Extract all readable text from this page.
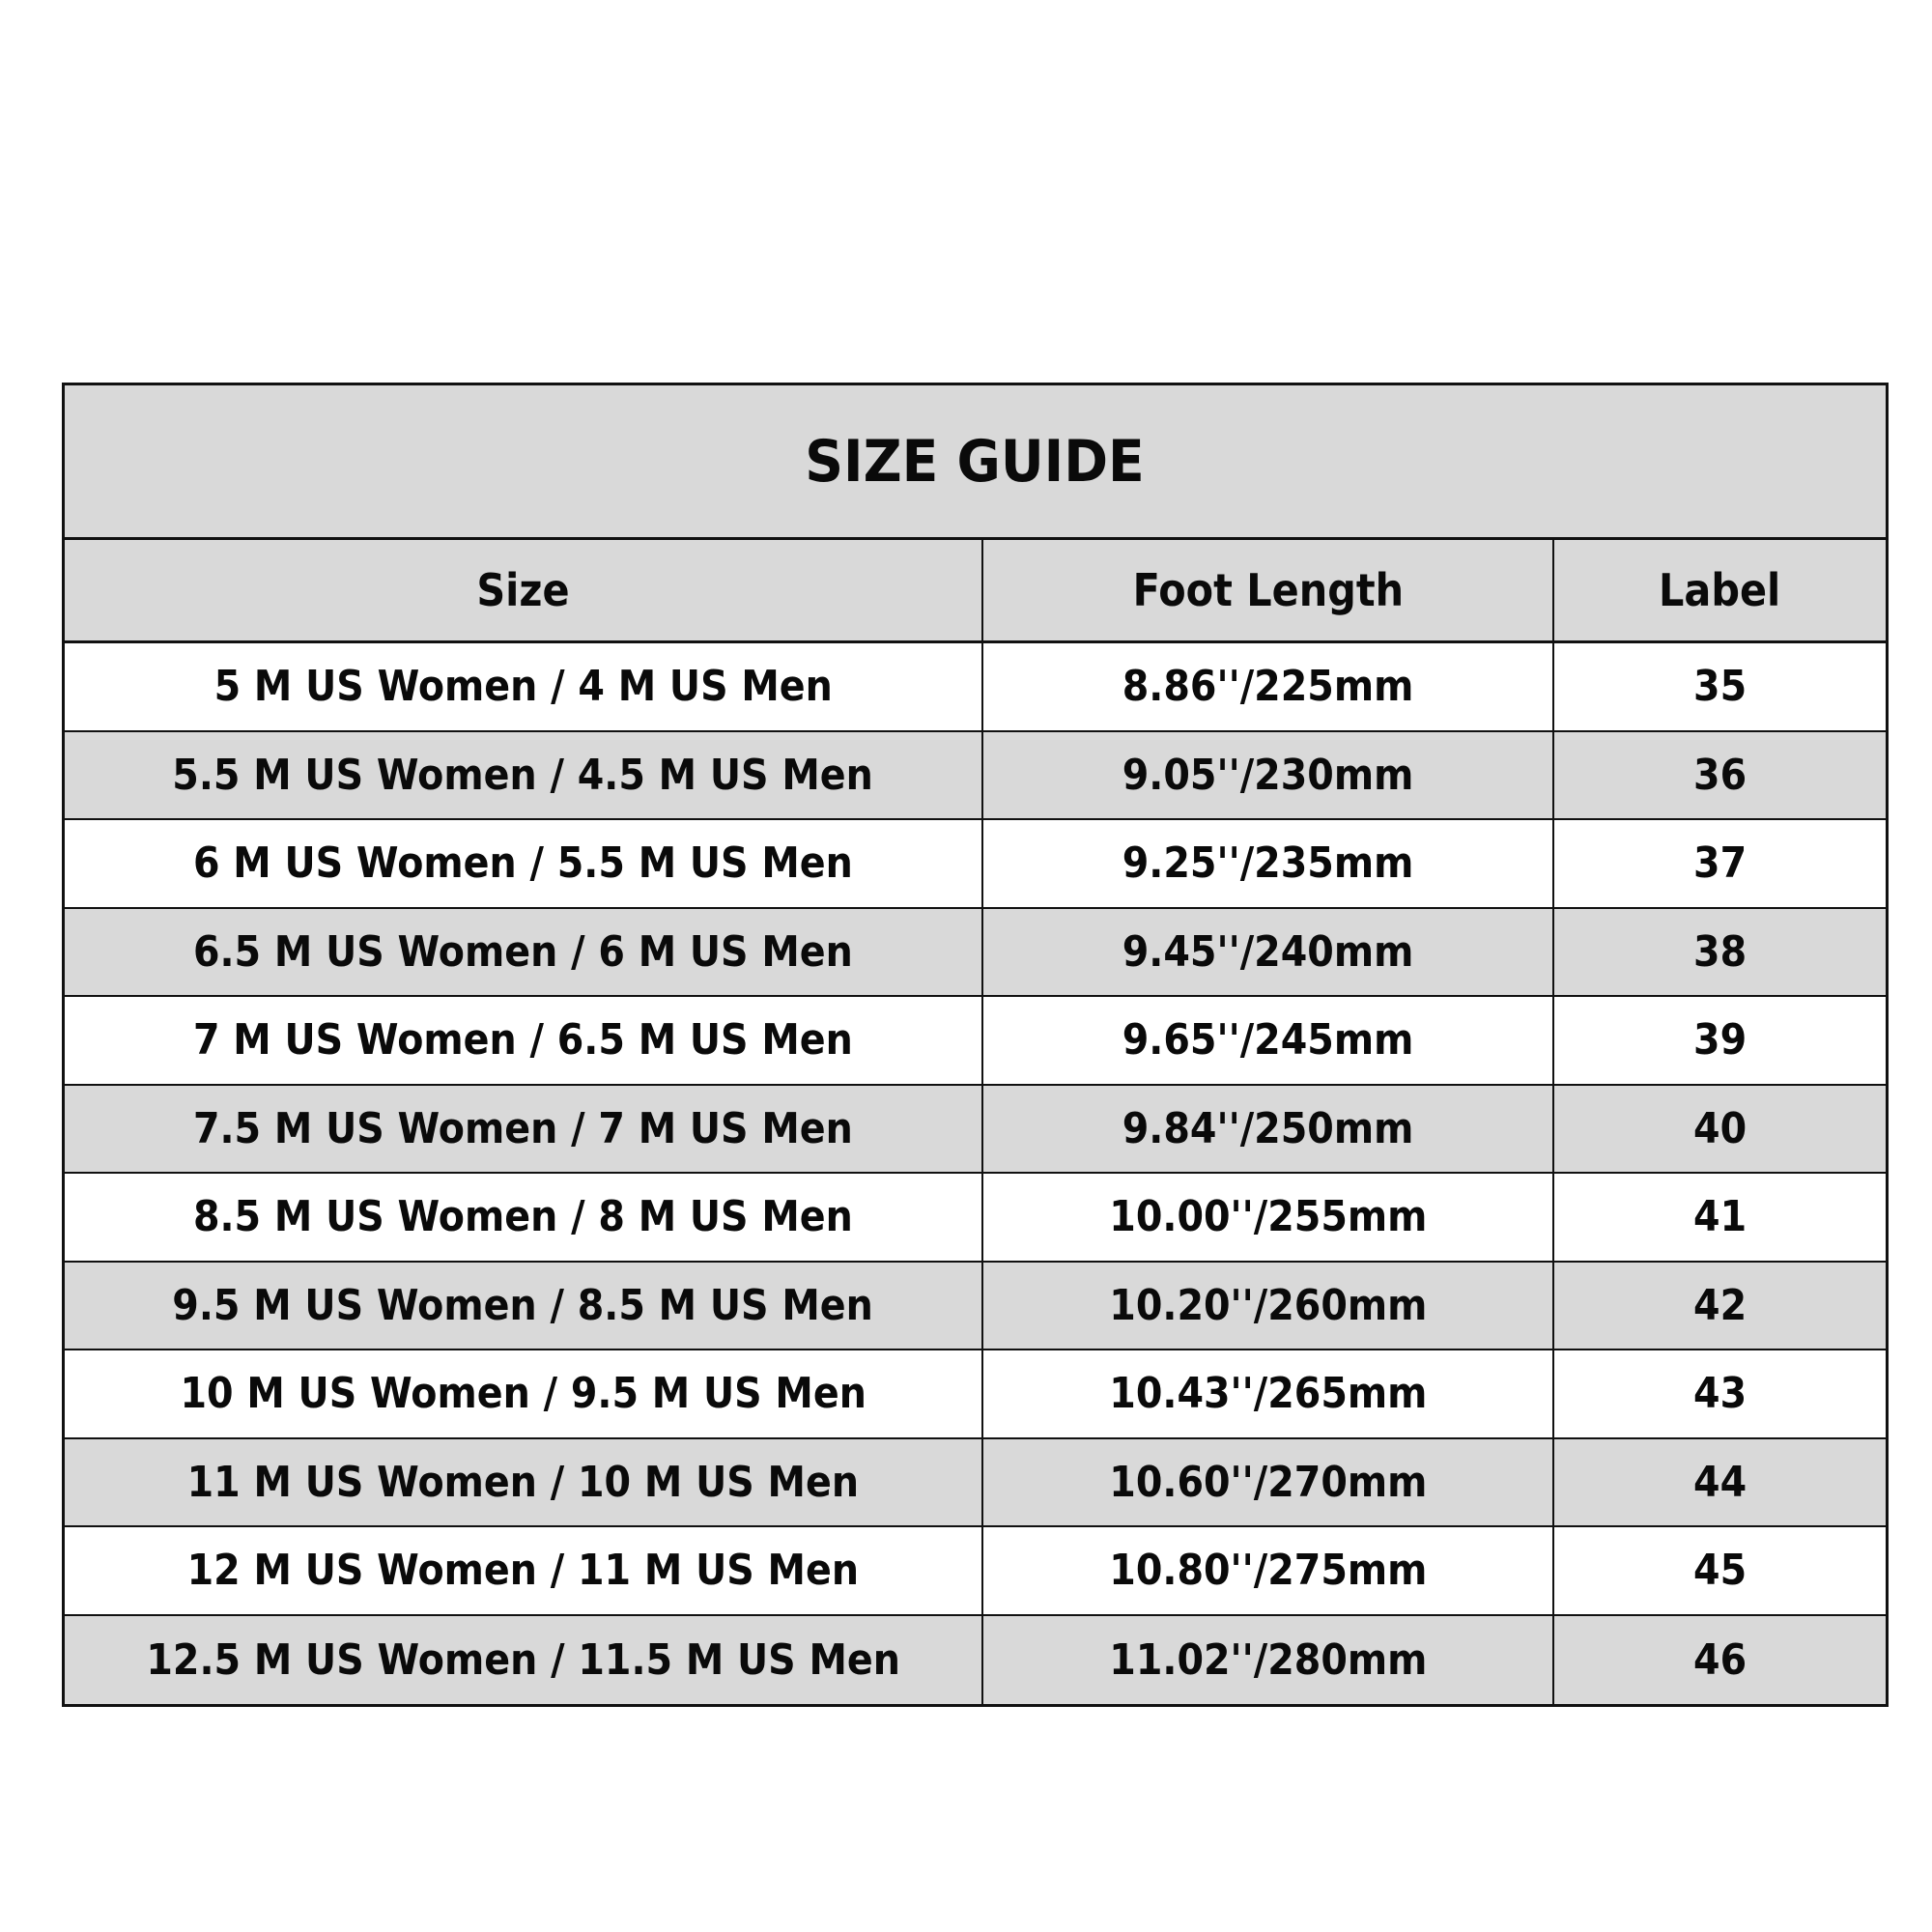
SIZE GUIDE
Size	Foot Length	Label
5 M US Women / 4 M US Men	8.86''/225mm	35
5.5 M US Women / 4.5 M US Men	9.05''/230mm	36
6 M US Women / 5.5 M US Men	9.25''/235mm	37
6.5 M US Women / 6 M US Men	9.45''/240mm	38
7 M US Women / 6.5 M US Men	9.65''/245mm	39
7.5 M US Women / 7 M US Men	9.84''/250mm	40
8.5 M US Women / 8 M US Men	10.00''/255mm	41
9.5 M US Women / 8.5 M US Men	10.20''/260mm	42
10 M US Women / 9.5 M US Men	10.43''/265mm	43
11 M US Women / 10 M US Men	10.60''/270mm	44
12 M US Women / 11 M US Men	10.80''/275mm	45
12.5 M US Women / 11.5 M US Men	11.02''/280mm	46
